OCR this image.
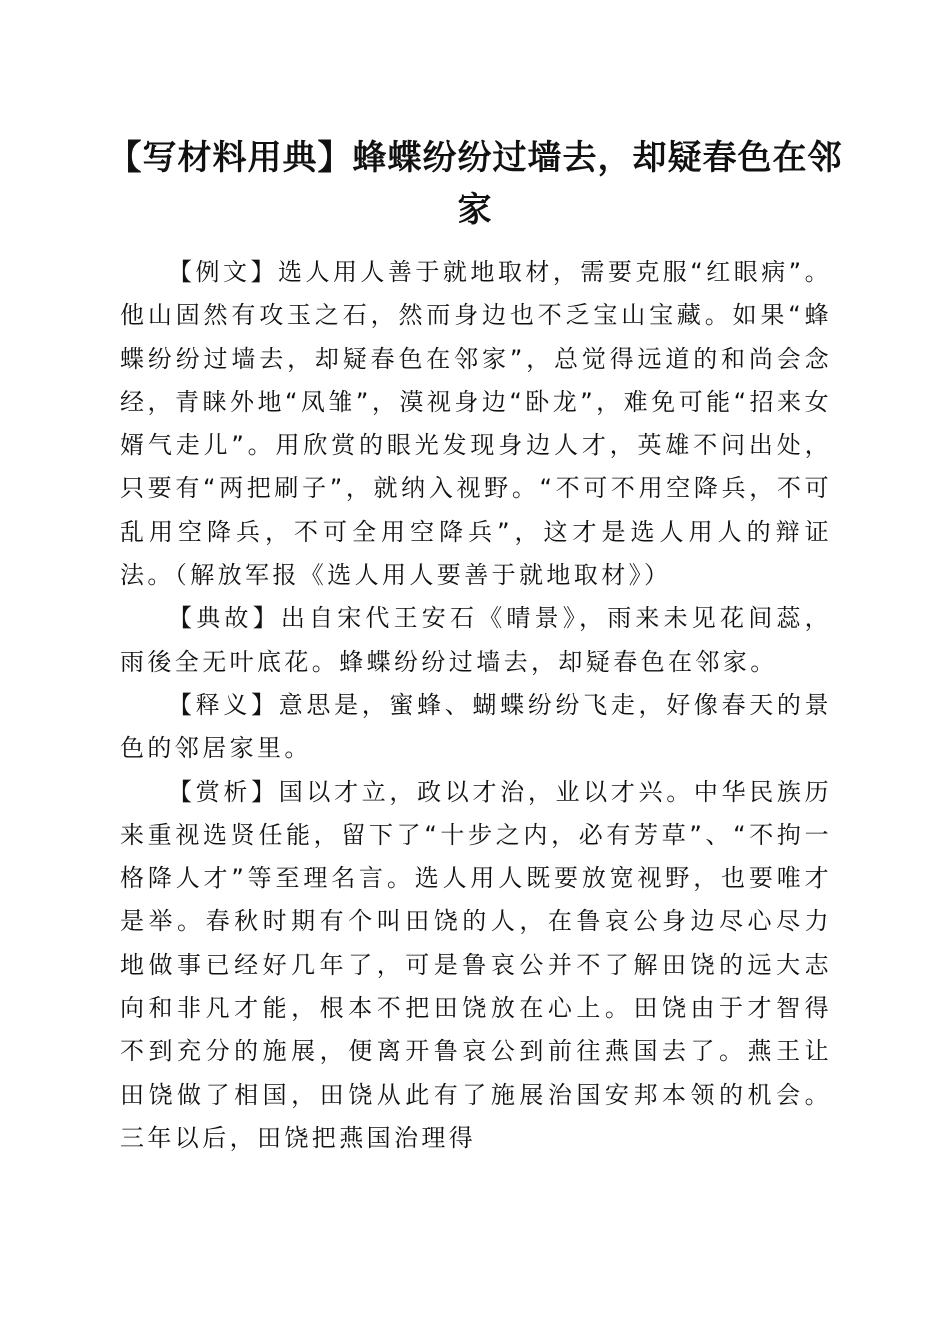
【写材料用典】蜂蝶纷纷过墙去，却疑春色在邻家

【例文】选人用人善于就地取材，需要克服“红眼病”。他山固然有攻玉之石，然而身边也不乏宝山宝藏。如果“蜂蝶纷纷过墙去，却疑春色在邻家”，总觉得远道的和尚会念经，青睐外地“凤雏”，漠视身边“卧龙”，难免可能“招来女婿气走儿”。用欣赏的眼光发现身边人才，英雄不问出处，只要有“两把刷子”，就纳入视野。“不可不用空降兵，不可乱用空降兵，不可全用空降兵”，这才是选人用人的辩证法。（解放军报《选人用人要善于就地取材》）

【典故】出自宋代王安石《晴景》，雨来未见花间蕊，雨後全无叶底花。蜂蝶纷纷过墙去，却疑春色在邻家。

【释义】意思是，蜜蜂、蝴蝶纷纷飞走，好像春天的景色的邻居家里。

【赏析】国以才立，政以才治，业以才兴。中华民族历来重视选贤任能，留下了“十步之内，必有芳草”、“不拘一格降人才”等至理名言。选人用人既要放宽视野，也要唯才是举。春秋时期有个叫田饶的人，在鲁哀公身边尽心尽力地做事已经好几年了，可是鲁哀公并不了解田饶的远大志向和非凡才能，根本不把田饶放在心上。田饶由于才智得不到充分的施展，便离开鲁哀公到前往燕国去了。燕王让田饶做了相国，田饶从此有了施展治国安邦本领的机会。三年以后，田饶把燕国治理得
